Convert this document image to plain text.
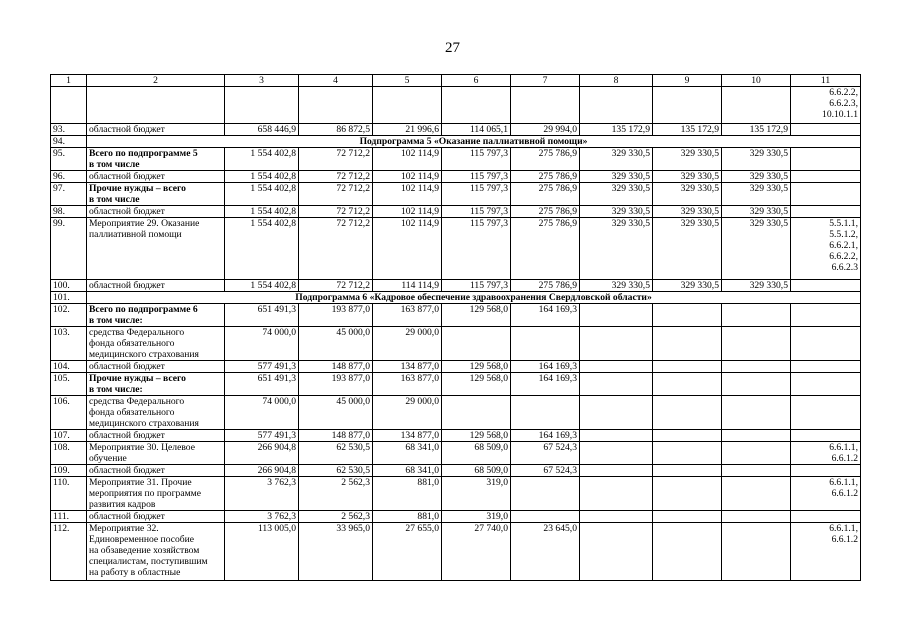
27
1	2	3	4	5	6	7	8	9	10	11
										6.6.2.2,
6.6.2.3,
10.10.1.1
93.	областной бюджет	658 446,9	86 872,5	21 996,6	114 065,1	29 994,0	135 172,9	135 172,9	135 172,9	
94.	Подпрограмма 5 «Оказание паллиативной помощи»									
95.	Всего по подпрограмме 5
в том числе	1 554 402,8	72 712,2	102 114,9	115 797,3	275 786,9	329 330,5	329 330,5	329 330,5	
96.	областной бюджет	1 554 402,8	72 712,2	102 114,9	115 797,3	275 786,9	329 330,5	329 330,5	329 330,5	
97.	Прочие нужды – всего
в том числе	1 554 402,8	72 712,2	102 114,9	115 797,3	275 786,9	329 330,5	329 330,5	329 330,5	
98.	областной бюджет	1 554 402,8	72 712,2	102 114,9	115 797,3	275 786,9	329 330,5	329 330,5	329 330,5	
99.	Мероприятие 29. Оказание
паллиативной помощи	1 554 402,8	72 712,2	102 114,9	115 797,3	275 786,9	329 330,5	329 330,5	329 330,5	5.5.1.1,
5.5.1.2,
6.6.2.1,
6.6.2.2,
6.6.2.3
100.	областной бюджет	1 554 402,8	72 712,2	114 114,9	115 797,3	275 786,9	329 330,5	329 330,5	329 330,5	
101.	Подпрограмма 6 «Кадровое обеспечение здравоохранения Свердловской области»									
102.	Всего по подпрограмме 6
в том числе:	651 491,3	193 877,0	163 877,0	129 568,0	164 169,3				
103.	средства Федерального
фонда обязательного
медицинского страхования	74 000,0	45 000,0	29 000,0						
104.	областной бюджет	577 491,3	148 877,0	134 877,0	129 568,0	164 169,3				
105.	Прочие нужды – всего
в том числе:	651 491,3	193 877,0	163 877,0	129 568,0	164 169,3				
106.	средства Федерального
фонда обязательного
медицинского страхования	74 000,0	45 000,0	29 000,0						
107.	областной бюджет	577 491,3	148 877,0	134 877,0	129 568,0	164 169,3				
108.	Мероприятие 30. Целевое
обучение	266 904,8	62 530,5	68 341,0	68 509,0	67 524,3				6.6.1.1,
6.6.1.2
109.	областной бюджет	266 904,8	62 530,5	68 341,0	68 509,0	67 524,3				
110.	Мероприятие 31. Прочие
мероприятия по программе
развития кадров	3 762,3	2 562,3	881,0	319,0					6.6.1.1,
6.6.1.2
111.	областной бюджет	3 762,3	2 562,3	881,0	319,0					
112.	Мероприятие 32.
Единовременное пособие
на обзаведение хозяйством
специалистам, поступившим
на работу в областные	113 005,0	33 965,0	27 655,0	27 740,0	23 645,0				6.6.1.1,
6.6.1.2
